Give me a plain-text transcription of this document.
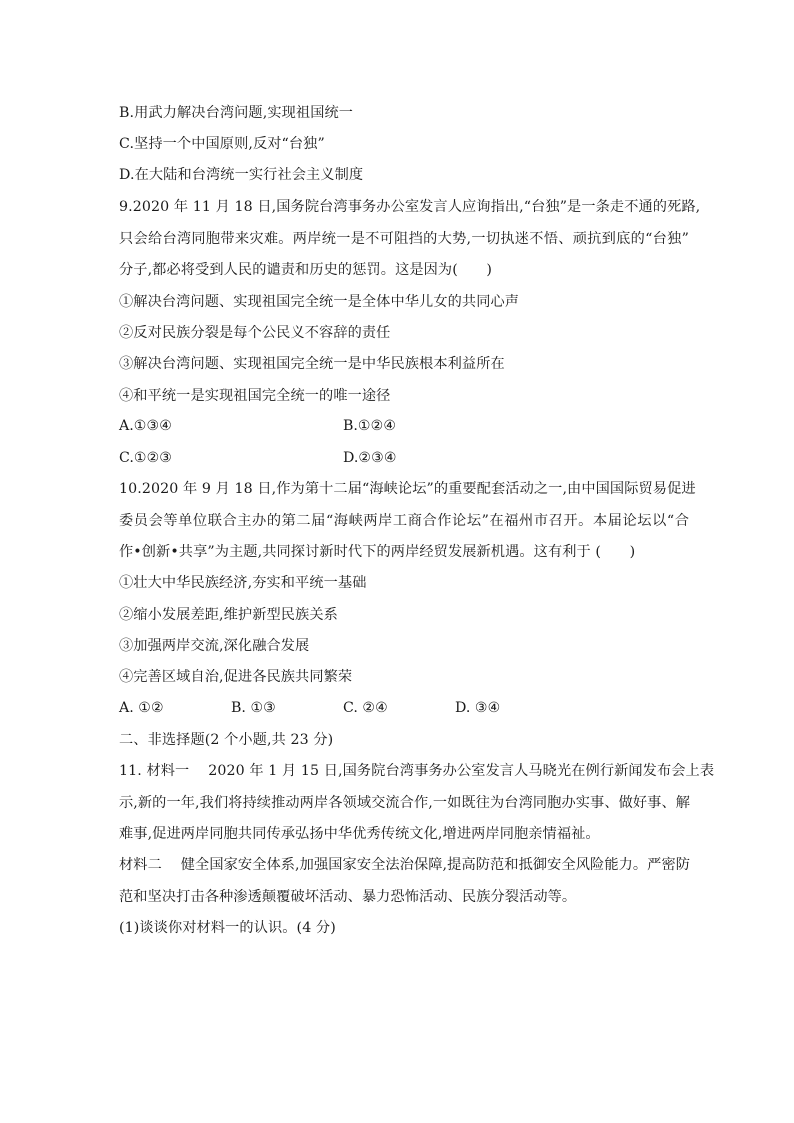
B.用武力解决台湾问题,实现祖国统一
C.坚持一个中国原则,反对“台独”
D.在大陆和台湾统一实行社会主义制度
9.2020 年 11 月 18 日,国务院台湾事务办公室发言人应询指出,“台独”是一条走不通的死路,
只会给台湾同胞带来灾难。两岸统一是不可阻挡的大势,一切执迷不悟、顽抗到底的“台独”
分子,都必将受到人民的谴责和历史的惩罚。这是因为(　　)
①解决台湾问题、实现祖国完全统一是全体中华儿女的共同心声
②反对民族分裂是每个公民义不容辞的责任
③解决台湾问题、实现祖国完全统一是中华民族根本利益所在
④和平统一是实现祖国完全统一的唯一途径
A.①③④	B.①②④
C.①②③	D.②③④
10.2020 年 9 月 18 日,作为第十二届“海峡论坛”的重要配套活动之一,由中国国际贸易促进
委员会等单位联合主办的第二届“海峡两岸工商合作论坛”在福州市召开。本届论坛以“合
作•创新•共享”为主题,共同探讨新时代下的两岸经贸发展新机遇。这有利于 (　　)
①壮大中华民族经济,夯实和平统一基础
②缩小发展差距,维护新型民族关系
③加强两岸交流,深化融合发展
④完善区域自治,促进各民族共同繁荣
A. ①②	B. ①③	C. ②④	D. ③④
二、非选择题(2 个小题,共 23 分)
11. 材料一　 2020 年 1 月 15 日,国务院台湾事务办公室发言人马晓光在例行新闻发布会上表
示,新的一年,我们将持续推动两岸各领域交流合作,一如既往为台湾同胞办实事、做好事、解
难事,促进两岸同胞共同传承弘扬中华优秀传统文化,增进两岸同胞亲情福祉。
材料二　 健全国家安全体系,加强国家安全法治保障,提高防范和抵御安全风险能力。严密防
范和坚决打击各种渗透颠覆破坏活动、暴力恐怖活动、民族分裂活动等。
(1)谈谈你对材料一的认识。(4 分)
